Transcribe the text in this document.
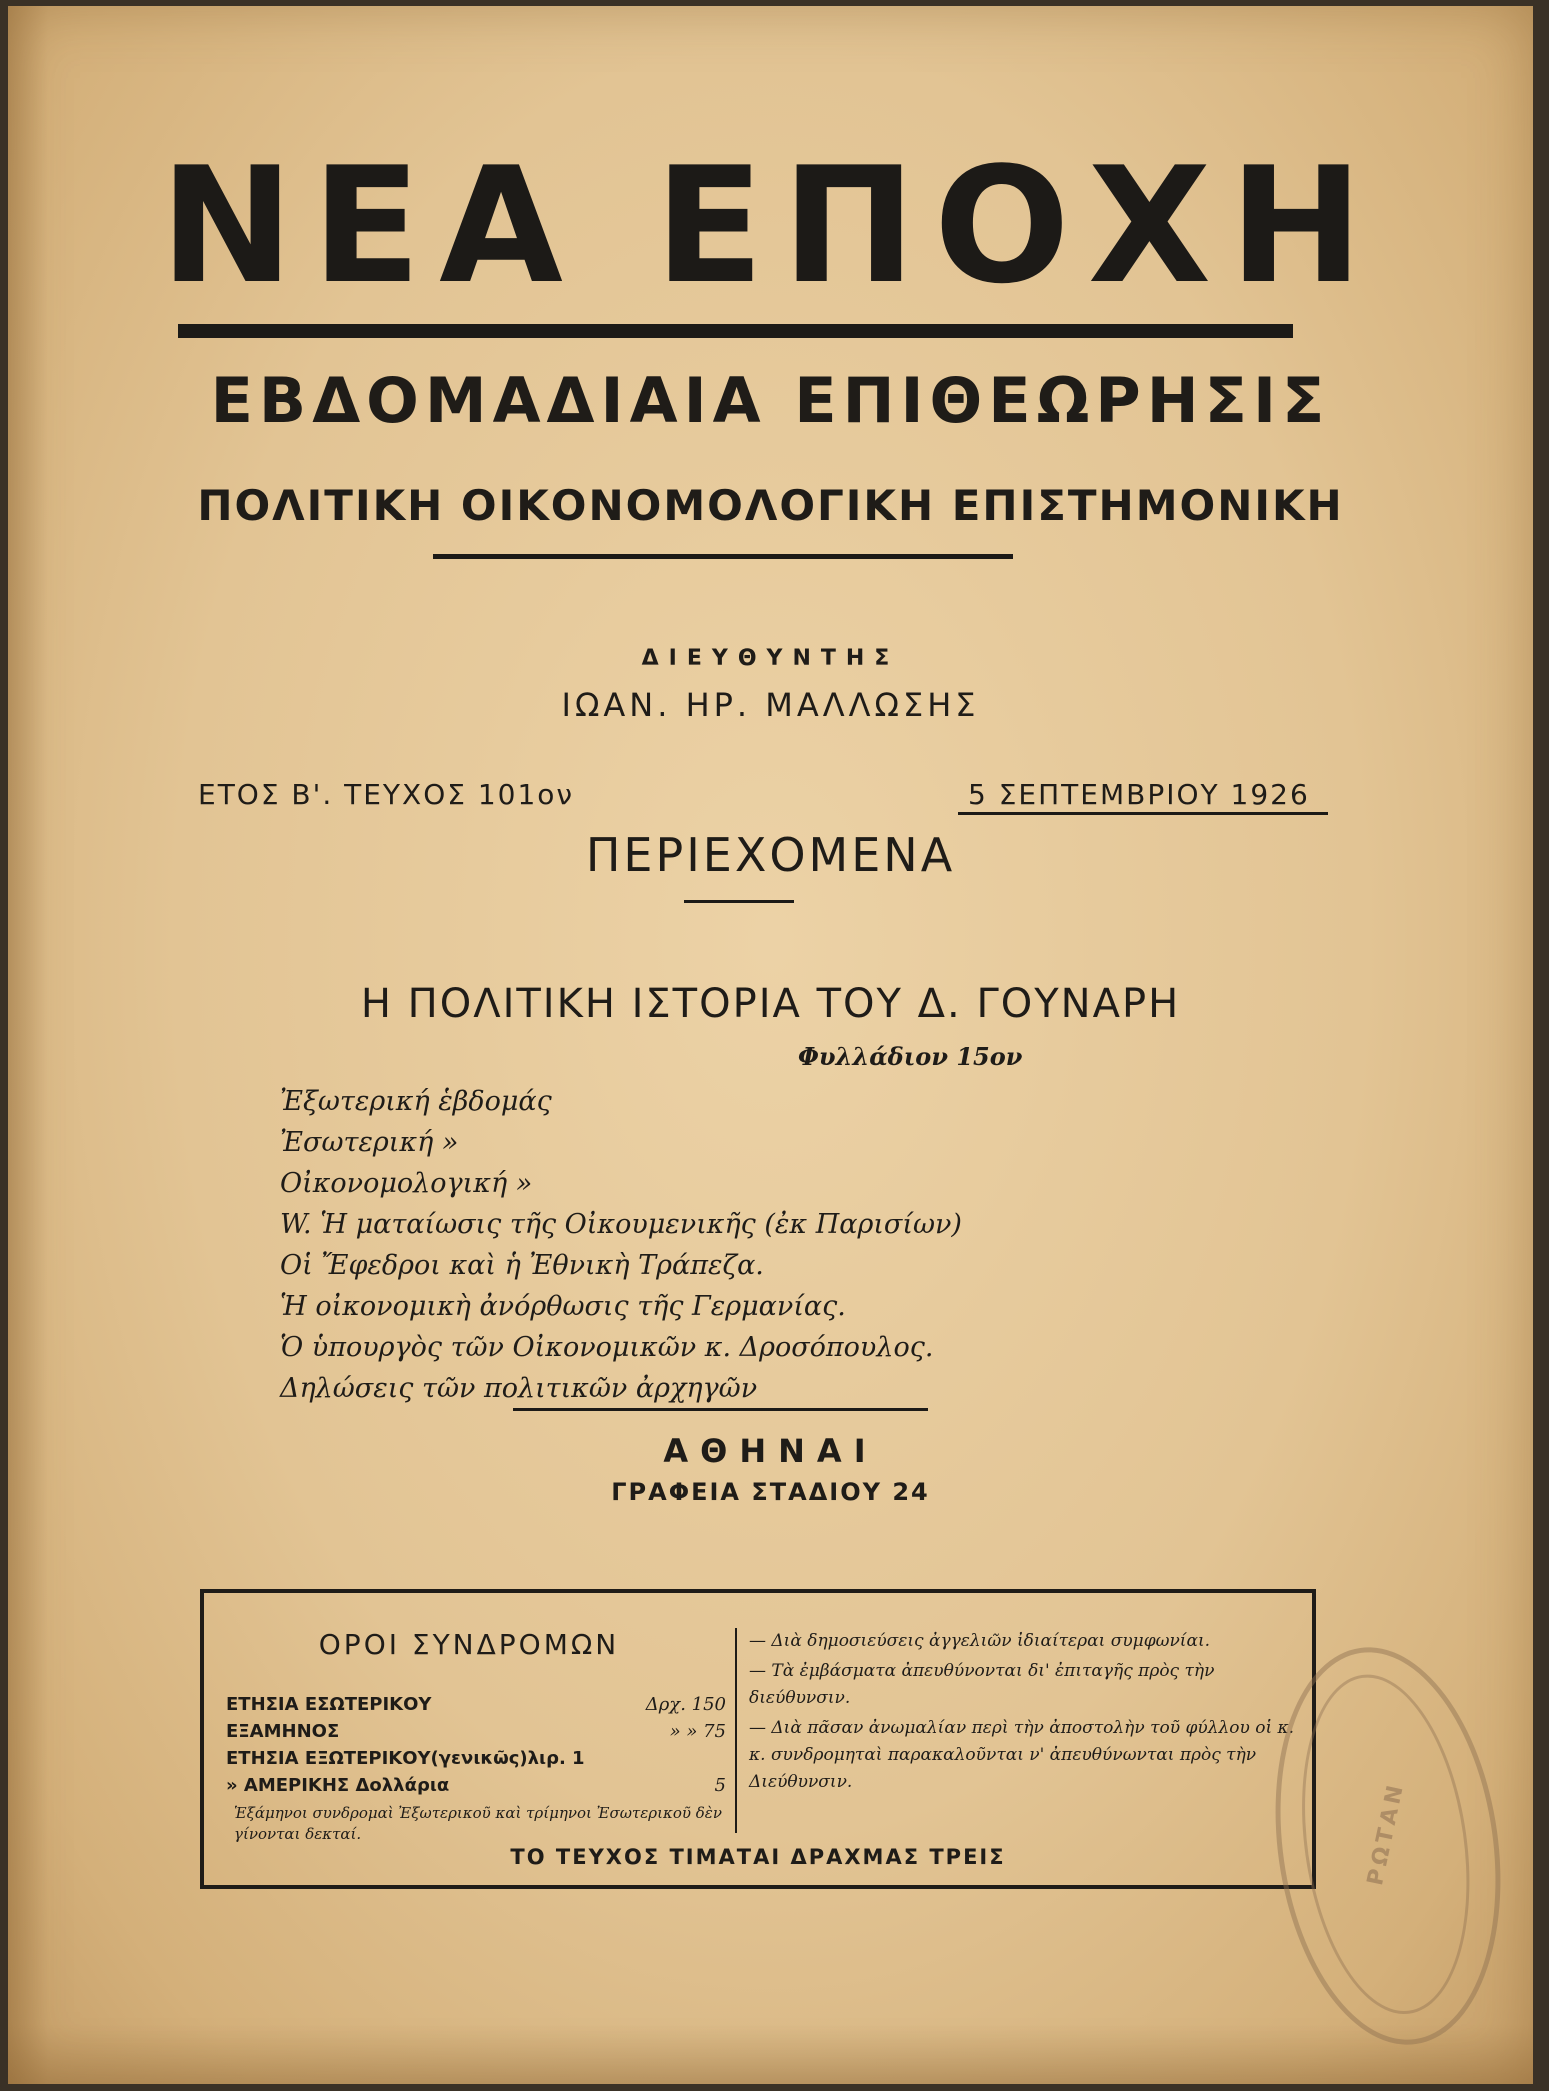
ΝΕΑ ΕΠΟΧΗ
ΕΒΔΟΜΑΔΙΑΙΑ ΕΠΙΘΕΩΡΗΣΙΣ
ΠΟΛΙΤΙΚΗ ΟΙΚΟΝΟΜΟΛΟΓΙΚΗ ΕΠΙΣΤΗΜΟΝΙΚΗ
ΔΙΕΥΘΥΝΤΗΣ
ΙΩΑΝ. ΗΡ. ΜΑΛΛΩΣΗΣ
ΕΤΟΣ Β'. ΤΕΥΧΟΣ 101ον	5 ΣΕΠΤΕΜΒΡΙΟΥ 1926
ΠΕΡΙΕΧΟΜΕΝΑ
Η ΠΟΛΙΤΙΚΗ ΙΣΤΟΡΙΑ ΤΟΥ Δ. ΓΟΥΝΑΡΗ
Φυλλάδιον 15ον
Ἐξωτερική ἑβδομάς
Ἐσωτερική »
Οἰκονομολογική »
W. Ἡ ματαίωσις τῆς Οἰκουμενικῆς (ἐκ Παρισίων)
Οἱ Ἔφεδροι καὶ ἡ Ἐθνικὴ Τράπεζα.
Ἡ οἰκονομικὴ ἀνόρθωσις τῆς Γερμανίας.
Ὁ ὑπουργὸς τῶν Οἰκονομικῶν κ. Δροσόπουλος.
Δηλώσεις τῶν πολιτικῶν ἀρχηγῶν
ΑΘΗΝΑΙ
ΓΡΑΦΕΙΑ ΣΤΑΔΙΟΥ 24
ΟΡΟΙ ΣΥΝΔΡΟΜΩΝ
ΕΤΗΣΙΑ ΕΣΩΤΕΡΙΚΟΥ	Δρχ. 150
ΕΞΑΜΗΝΟΣ	» » 75
ΕΤΗΣΙΑ ΕΞΩΤΕΡΙΚΟΥ(γενικῶς)λιρ. 1
» ΑΜΕΡΙΚΗΣ Δολλάρια	5
Ἑξάμηνοι συνδρομαὶ Ἐξωτερικοῦ καὶ τρίμηνοι Ἐσωτερικοῦ δὲν γίνονται δεκταί.

— Διὰ δημοσιεύσεις ἀγγελιῶν ἰδιαίτεραι συμφωνίαι.

— Τὰ ἐμβάσματα ἀπευθύνονται δι' ἐπιταγῆς πρὸς τὴν διεύθυνσιν.

— Διὰ πᾶσαν ἀνωμαλίαν περὶ τὴν ἀποστολὴν τοῦ φύλλου οἱ κ. κ. συνδρομηταὶ παρακαλοῦνται ν' ἀπευθύνωνται πρὸς τὴν Διεύθυνσιν.

ΤΟ ΤΕΥΧΟΣ ΤΙΜΑΤΑΙ ΔΡΑΧΜΑΣ ΤΡΕΙΣ	ΡΩΤΑΝ
